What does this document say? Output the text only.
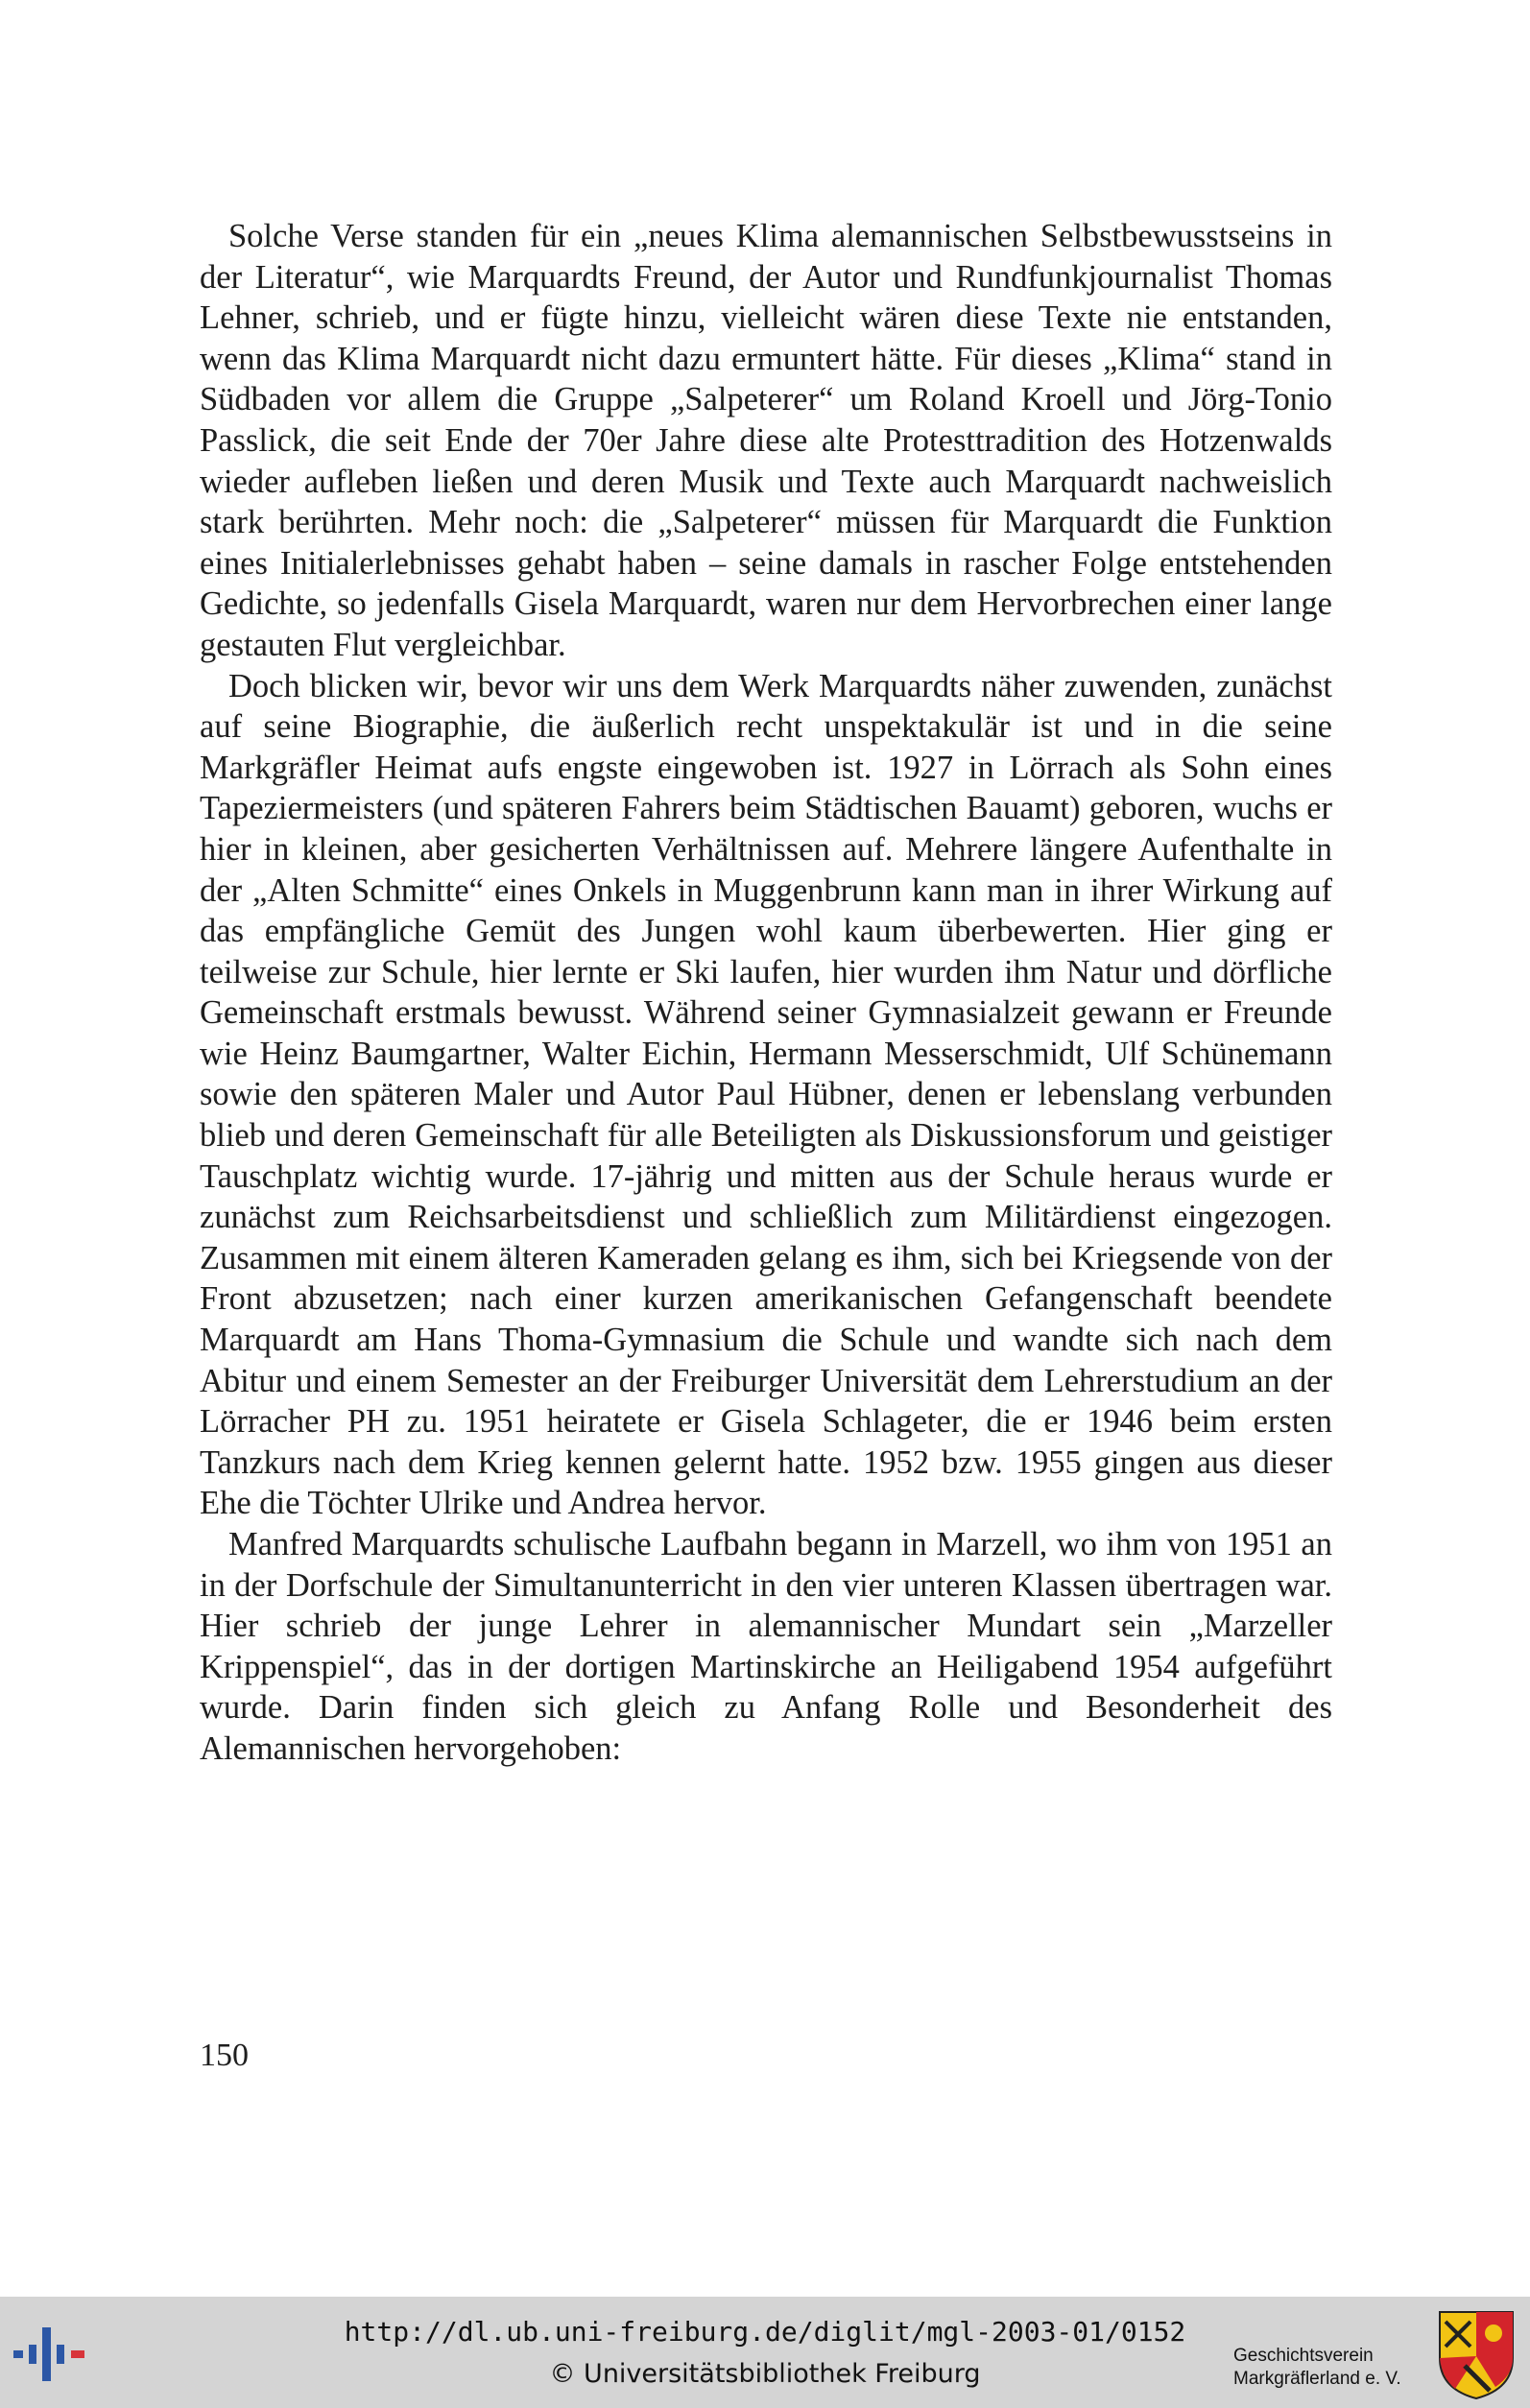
Solche Verse standen für ein „neues Klima alemannischen Selbstbewusstseins in der Literatur“, wie Marquardts Freund, der Autor und Rundfunkjournalist Thomas Lehner, schrieb, und er fügte hinzu, vielleicht wären diese Texte nie entstanden, wenn das Klima Marquardt nicht dazu ermuntert hätte. Für dieses „Klima“ stand in Südbaden vor allem die Gruppe „Salpeterer“ um Roland Kroell und Jörg-Tonio Passlick, die seit Ende der 70er Jahre diese alte Protesttradition des Hotzenwalds wieder aufleben ließen und deren Musik und Texte auch Marquardt nachweislich stark berührten. Mehr noch: die „Salpeterer“ müssen für Marquardt die Funktion eines Initialerlebnisses gehabt haben – seine damals in rascher Folge entstehenden Gedichte, so jedenfalls Gisela Marquardt, waren nur dem Hervorbrechen einer lange gestauten Flut vergleichbar.

Doch blicken wir, bevor wir uns dem Werk Marquardts näher zuwenden, zunächst auf seine Biographie, die äußerlich recht unspektakulär ist und in die seine Markgräfler Heimat aufs engste eingewoben ist. 1927 in Lörrach als Sohn eines Tapeziermeisters (und späteren Fahrers beim Städtischen Bauamt) geboren, wuchs er hier in kleinen, aber gesicherten Verhältnissen auf. Mehrere längere Aufenthalte in der „Alten Schmitte“ eines Onkels in Muggenbrunn kann man in ihrer Wirkung auf das empfängliche Gemüt des Jungen wohl kaum überbewerten. Hier ging er teilweise zur Schule, hier lernte er Ski laufen, hier wurden ihm Natur und dörfliche Gemeinschaft erstmals bewusst. Während seiner Gymnasialzeit gewann er Freunde wie Heinz Baumgartner, Walter Eichin, Hermann Messerschmidt, Ulf Schünemann sowie den späteren Maler und Autor Paul Hübner, denen er lebenslang verbunden blieb und deren Gemeinschaft für alle Beteiligten als Diskussionsforum und geistiger Tauschplatz wichtig wurde. 17-jährig und mitten aus der Schule heraus wurde er zunächst zum Reichsarbeitsdienst und schließlich zum Militärdienst eingezogen. Zusammen mit einem älteren Kameraden gelang es ihm, sich bei Kriegsende von der Front abzusetzen; nach einer kurzen amerikanischen Gefangenschaft beendete Marquardt am Hans Thoma-Gymnasium die Schule und wandte sich nach dem Abitur und einem Semester an der Freiburger Universität dem Lehrerstudium an der Lörracher PH zu. 1951 heiratete er Gisela Schlageter, die er 1946 beim ersten Tanzkurs nach dem Krieg kennen gelernt hatte. 1952 bzw. 1955 gingen aus dieser Ehe die Töchter Ulrike und Andrea hervor.

Manfred Marquardts schulische Laufbahn begann in Marzell, wo ihm von 1951 an in der Dorfschule der Simultanunterricht in den vier unteren Klassen übertragen war. Hier schrieb der junge Lehrer in alemannischer Mundart sein „Marzeller Krippenspiel“, das in der dortigen Martinskirche an Heiligabend 1954 aufgeführt wurde. Darin finden sich gleich zu Anfang Rolle und Besonderheit des Alemannischen hervorgehoben:

150
http://dl.ub.uni-freiburg.de/diglit/mgl-2003-01/0152
© Universitätsbibliothek Freiburg
Geschichtsverein
Markgräflerland e. V.
